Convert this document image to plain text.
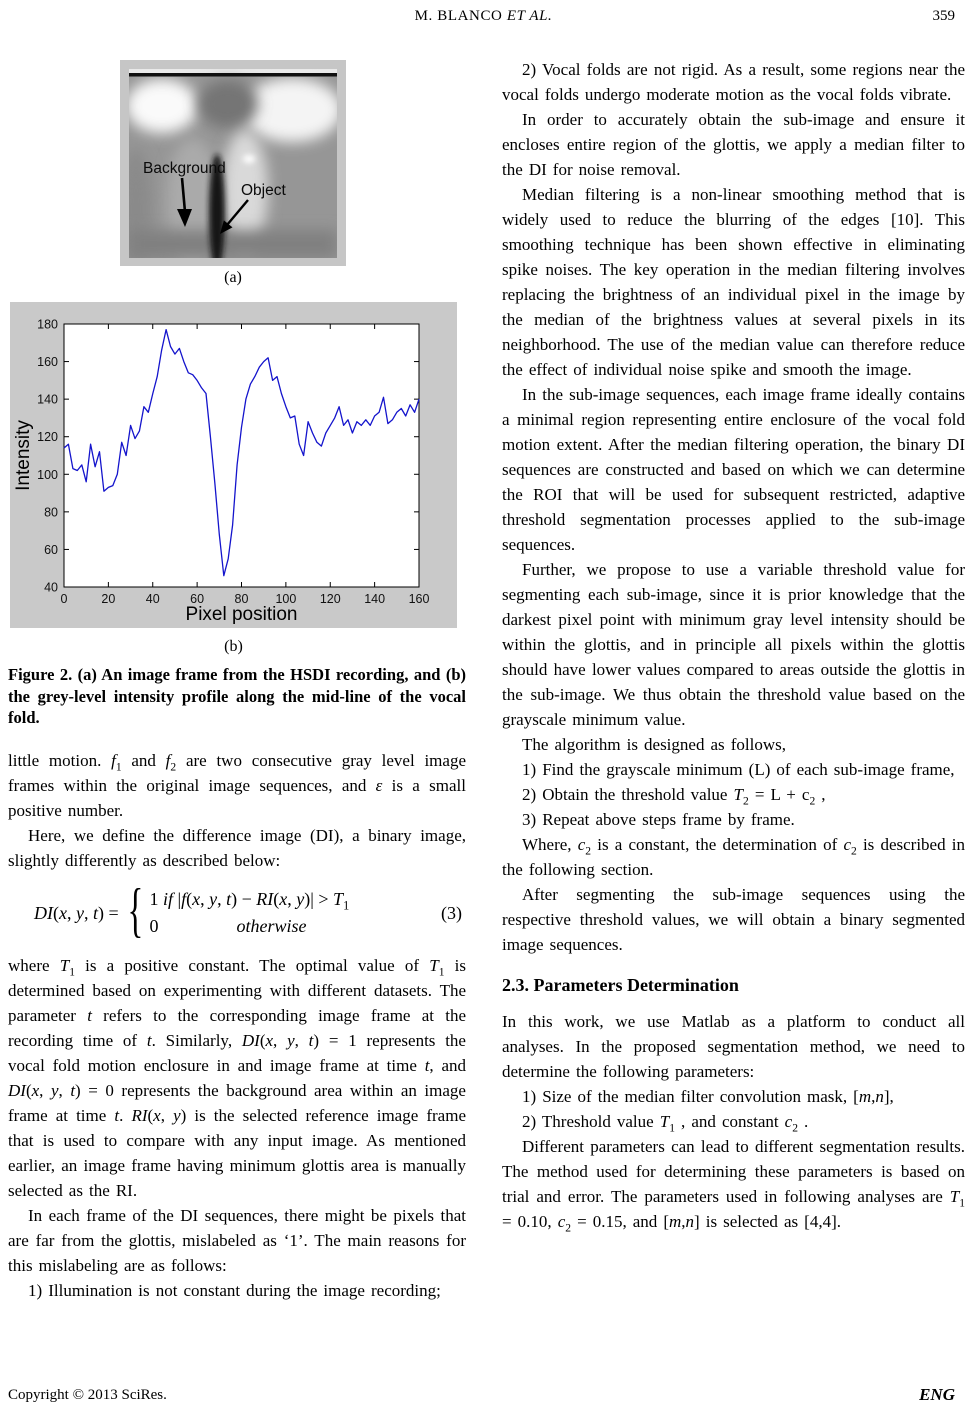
M. BLANCO ET AL.	359
Background
Object
(a)
0	20 40 60 80 100 120 140 160
40
60
80
100
120
140
160
180
Pixel position
Intensity
(b)
Figure 2. (a) An image frame from the HSDI recording, and (b) the grey-level intensity profile along the mid-line of the vocal fold.

little motion. $f_1$ and $f_2$ are two consecutive gray level image frames within the original image sequences, and ε is a small positive number.

Here, we define the difference image (DI), a binary image, slightly differently as described below:

DI(x, y, t) = { 1 if |f(x, y, t) − RI(x, $y)| > T_1$
0	otherwise
(3)

where $T_1$ is a positive constant. The optimal value of $T_1$ is determined based on experimenting with different datasets. The parameter t refers to the corresponding image frame at the recording time of t. Similarly, DI(x, y, t) = 1 represents the vocal fold motion enclosure in and image frame at time t, and DI(x, y, t) = 0 represents the background area within an image frame at time t. RI(x, y) is the selected reference image frame that is used to compare with any input image. As mentioned earlier, an image frame having minimum glottis area is manually selected as the RI.

In each frame of the DI sequences, there might be pixels that are far from the glottis, mislabeled as ‘1’. The main reasons for this mislabeling are as follows:

1) Illumination is not constant during the image recording;

2) Vocal folds are not rigid. As a result, some regions near the vocal folds undergo moderate motion as the vocal folds vibrate.

In order to accurately obtain the sub-image and ensure it encloses entire region of the glottis, we apply a median filter to the DI for noise removal.

Median filtering is a non-linear smoothing method that is widely used to reduce the blurring of the edges [10]. This smoothing technique has been shown effective in eliminating spike noises. The key operation in the median filtering involves replacing the brightness of an individual pixel in the image by the median of the brightness values at several pixels in its neighborhood. The use of the median value can therefore reduce the effect of individual noise spike and smooth the image.

In the sub-image sequences, each image frame ideally contains a minimal region representing entire enclosure of the vocal fold motion extent. After the median filtering operation, the binary DI sequences are constructed and based on which we can determine the ROI that will be used for subsequent restricted, adaptive threshold segmentation processes applied to the sub-image sequences.

Further, we propose to use a variable threshold value for segmenting each sub-image, since it is prior knowledge that the darkest pixel point with minimum gray level intensity should be within the glottis, and in principle all pixels within the glottis should have lower values compared to areas outside the glottis in the sub-image. We thus obtain the threshold value based on the grayscale minimum value.

The algorithm is designed as follows,

1) Find the grayscale minimum (L) of each sub-image frame,

2) Obtain the threshold value $T_2 = L + c_2$ ,

3) Repeat above steps frame by frame.

Where, $c_2$ is a constant, the determination of $c_2$ is described in the following section.

After segmenting the sub-image sequences using the respective threshold values, we will obtain a binary segmented image sequences.

2.3. Parameters Determination

In this work, we use Matlab as a platform to conduct all analyses. In the proposed segmentation method, we need to determine the following parameters:

1) Size of the median filter convolution mask, [m,n],

2) Threshold value $T_1$ , and constant $c_2$ .

Different parameters can lead to different segmentation results. The method used for determining these parameters is based on trial and error. The parameters used in following analyses are $T_1 = 0.10$, $c_2 = 0.15$, and [m,n] is selected as [4,4].

Copyright © 2013 SciRes.	ENG
